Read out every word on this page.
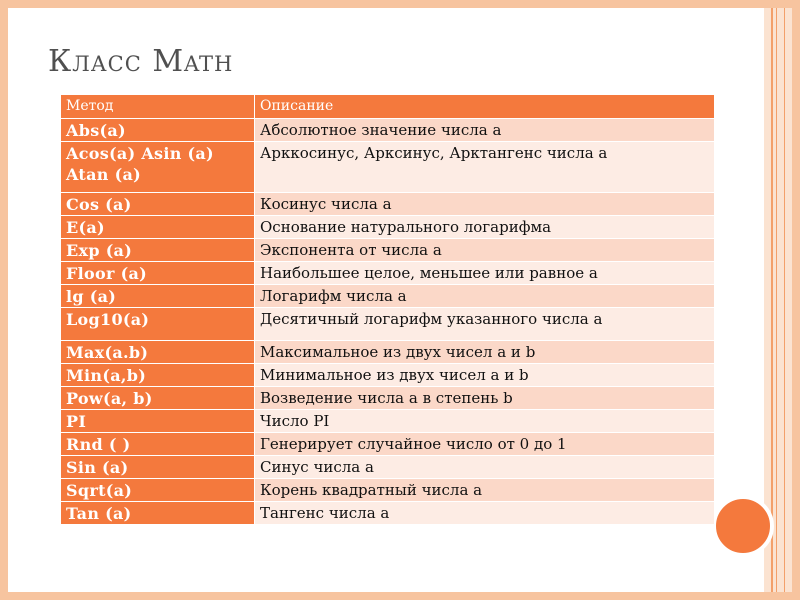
Класс Math
Метод	Описание
Abs(a)	Абсолютное значение числа а
Acos(a) Asin (a) Atan (a)	Арккосинус, Арксинус, Арктангенс числа а
Cos (a)	Косинус числа а
E(a)	Основание натурального логарифма
Exp (a)	Экспонента от числа а
Floor (a)	Наибольшее целое, меньшее или равное а
lg (a)	Логарифм числа а
Log10(a)	Десятичный логарифм указанного числа а
Max(a.b)	Максимальное из двух чисел а и b
Min(a,b)	Минимальное из двух чисел а и b
Pow(a, b)	Возведение числа а в степень b
PI	Число PI
Rnd ( )	Генерирует случайное число от 0 до 1
Sin (a)	Синус числа а
Sqrt(a)	Корень квадратный числа а
Tan (a)	Тангенс числа а
